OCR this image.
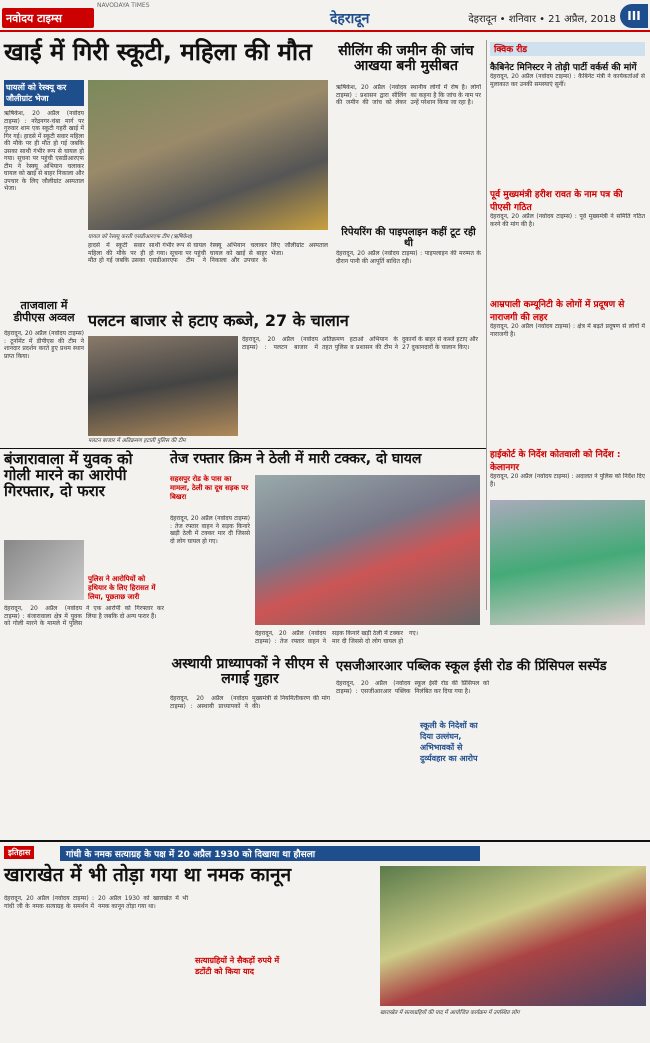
नवोदय टाइम्स
NAVODAYA TIMES
देहरादून	देहरादून • शनिवार • 21 अप्रैल, 2018 III
खाई में गिरी स्कूटी, महिला की मौत
घायलों को रेस्क्यू कर जौलीग्रांट भेजा
ऋषिकेश, 20 अप्रैल (नवोदय टाइम्स) : नरेंद्रनगर-चंबा मार्ग पर गुरुवार शाम एक स्कूटी गहरी खाई में गिर गई। हादसे में स्कूटी सवार महिला की मौके पर ही मौत हो गई जबकि उसका साथी गंभीर रूप से घायल हो गया। सूचना पर पहुंची एसडीआरएफ टीम ने रेस्क्यू अभियान चलाकर घायल को खाई से बाहर निकाला और उपचार के लिए जौलीग्रांट अस्पताल भेजा।
घायल को रेस्क्यू करती एसडीआरएफ टीम (ऋषिकेश)
हादसे में स्कूटी सवार महिला की मौके पर ही मौत हो गई जबकि उसका साथी गंभीर रूप से घायल हो गया। सूचना पर पहुंची एसडीआरएफ टीम ने रेस्क्यू अभियान चलाकर घायल को खाई से बाहर निकाला और उपचार के लिए जौलीग्रांट अस्पताल भेजा।
सीलिंग की जमीन की जांच आखया बनी मुसीबत
ऋषिकेश, 20 अप्रैल (नवोदय टाइम्स) : प्रशासन द्वारा सीलिंग की जमीन की जांच को लेकर स्थानीय लोगों में रोष है। लोगों का कहना है कि जांच के नाम पर उन्हें परेशान किया जा रहा है।
क्विक रीड
कैबिनेट मिनिस्टर ने तोड़ी पार्टी वर्कर्स की मांगें
देहरादून, 20 अप्रैल (नवोदय टाइम्स) : कैबिनेट मंत्री ने कार्यकर्ताओं से मुलाकात कर उनकी समस्याएं सुनीं।
पूर्व मुख्यमंत्री हरीश रावत के नाम पत्र की पीएसी गठित
देहरादून, 20 अप्रैल (नवोदय टाइम्स) : पूर्व मुख्यमंत्री ने समिति गठित करने की मांग की है।
आम्रपाली कम्यूनिटी के लोगों में प्रदूषण से नाराजगी की लहर
देहरादून, 20 अप्रैल (नवोदय टाइम्स) : क्षेत्र में बढ़ते प्रदूषण से लोगों में नाराजगी है।
हाईकोर्ट के निर्देश कोतवाली को निर्देश : केलानगर
देहरादून, 20 अप्रैल (नवोदय टाइम्स) : अदालत ने पुलिस को निर्देश दिए हैं।
ताजवाला में डीपीएस अव्वल
देहरादून, 20 अप्रैल (नवोदय टाइम्स) : टूर्नामेंट में डीपीएस की टीम ने शानदार प्रदर्शन करते हुए प्रथम स्थान प्राप्त किया।
पलटन बाजार से हटाए कब्जे, 27 के चालान
पलटन बाजार में अतिक्रमण हटाती पुलिस की टीम
देहरादून, 20 अप्रैल (नवोदय टाइम्स) : पलटन बाजार में अतिक्रमण हटाओ अभियान के तहत पुलिस व प्रशासन की टीम ने दुकानों के बाहर से कब्जे हटाए और 27 दुकानदारों के चालान किए।
रिपेयरिंग की पाइपलाइन कहीं टूट रही थी
देहरादून, 20 अप्रैल (नवोदय टाइम्स) : पाइपलाइन की मरम्मत के दौरान पानी की आपूर्ति बाधित रही।
बंजारावाला में युवक को गोली मारने का आरोपी गिरफ्तार, दो फरार
पुलिस ने आरोपियों को हथियार के लिए हिरासत में लिया, पूछताछ जारी
देहरादून, 20 अप्रैल (नवोदय टाइम्स) : बंजारावाला क्षेत्र में युवक को गोली मारने के मामले में पुलिस ने एक आरोपी को गिरफ्तार कर लिया है जबकि दो अन्य फरार हैं।
तेज रफ्तार क्रिम ने ठेली में मारी टक्कर, दो घायल
सहसपुर रोड के पास का मामला, ठेली का दूध सड़क पर बिखरा
देहरादून, 20 अप्रैल (नवोदय टाइम्स) : तेज रफ्तार वाहन ने सड़क किनारे खड़ी ठेली में टक्कर मार दी जिससे दो लोग घायल हो गए।
देहरादून, 20 अप्रैल (नवोदय टाइम्स) : तेज रफ्तार वाहन ने सड़क किनारे खड़ी ठेली में टक्कर मार दी जिससे दो लोग घायल हो गए।
अस्थायी प्राध्यापकों ने सीएम से लगाई गुहार
देहरादून, 20 अप्रैल (नवोदय टाइम्स) : अस्थायी प्राध्यापकों ने मुख्यमंत्री से नियमितीकरण की मांग की।
एसजीआरआर पब्लिक स्कूल ईसी रोड की प्रिंसिपल सस्पेंड
स्कूली के निदेशों का दिया उल्लंघन, अभिभावकों से दुर्व्यवहार का आरोप
देहरादून, 20 अप्रैल (नवोदय टाइम्स) : एसजीआरआर पब्लिक स्कूल ईसी रोड की प्रिंसिपल को निलंबित कर दिया गया है।
इतिहास	गांधी के नमक सत्याग्रह के पक्ष में 20 अप्रैल 1930 को दिखाया था हौसला
खाराखेत में भी तोड़ा गया था नमक कानून
खाराखेत में सत्याग्रहियों की याद में आयोजित कार्यक्रम में उपस्थित लोग
सत्याग्रहियों ने सैकड़ों रुपये में डटोंटी को किया याद
देहरादून, 20 अप्रैल (नवोदय टाइम्स) : गांधी जी के नमक सत्याग्रह के समर्थन में 20 अप्रैल 1930 को खाराखेत में भी नमक कानून तोड़ा गया था।
